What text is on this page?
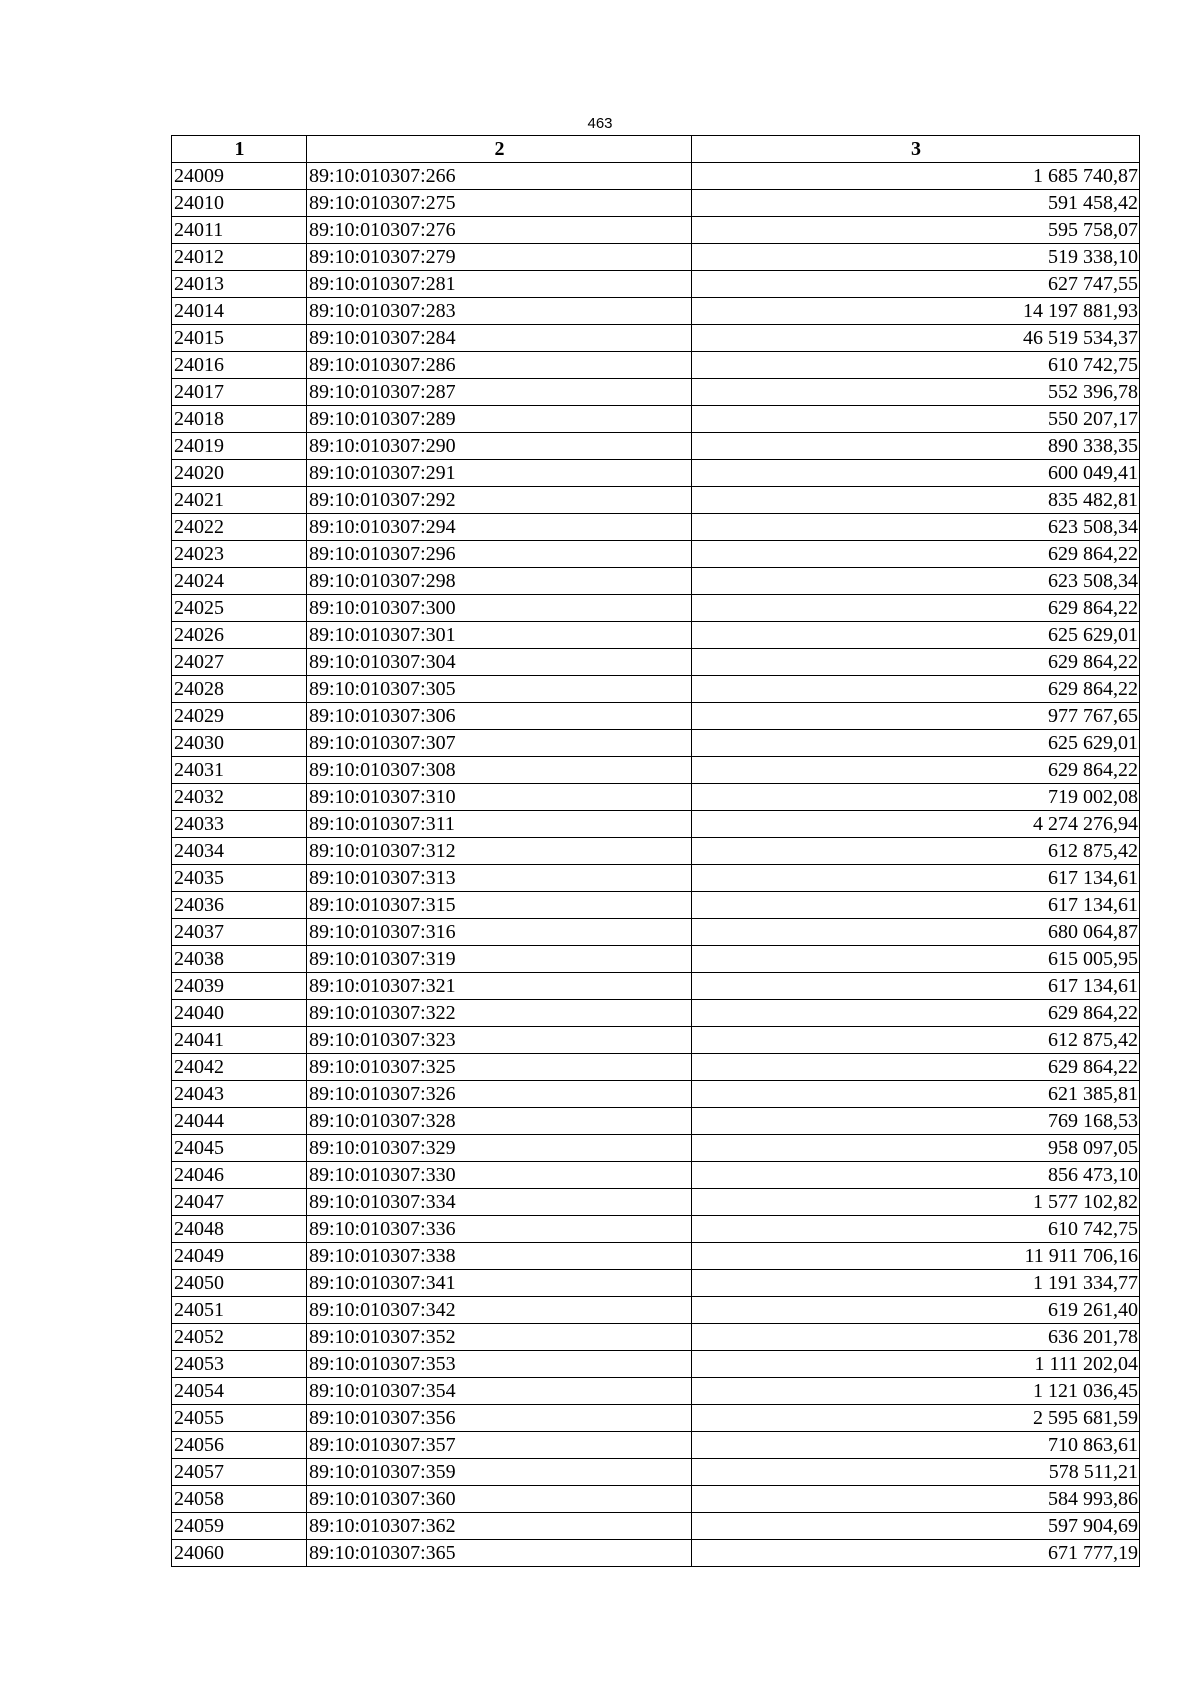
463
1	2	3
24009	89:10:010307:266	1 685 740,87
24010	89:10:010307:275	591 458,42
24011	89:10:010307:276	595 758,07
24012	89:10:010307:279	519 338,10
24013	89:10:010307:281	627 747,55
24014	89:10:010307:283	14 197 881,93
24015	89:10:010307:284	46 519 534,37
24016	89:10:010307:286	610 742,75
24017	89:10:010307:287	552 396,78
24018	89:10:010307:289	550 207,17
24019	89:10:010307:290	890 338,35
24020	89:10:010307:291	600 049,41
24021	89:10:010307:292	835 482,81
24022	89:10:010307:294	623 508,34
24023	89:10:010307:296	629 864,22
24024	89:10:010307:298	623 508,34
24025	89:10:010307:300	629 864,22
24026	89:10:010307:301	625 629,01
24027	89:10:010307:304	629 864,22
24028	89:10:010307:305	629 864,22
24029	89:10:010307:306	977 767,65
24030	89:10:010307:307	625 629,01
24031	89:10:010307:308	629 864,22
24032	89:10:010307:310	719 002,08
24033	89:10:010307:311	4 274 276,94
24034	89:10:010307:312	612 875,42
24035	89:10:010307:313	617 134,61
24036	89:10:010307:315	617 134,61
24037	89:10:010307:316	680 064,87
24038	89:10:010307:319	615 005,95
24039	89:10:010307:321	617 134,61
24040	89:10:010307:322	629 864,22
24041	89:10:010307:323	612 875,42
24042	89:10:010307:325	629 864,22
24043	89:10:010307:326	621 385,81
24044	89:10:010307:328	769 168,53
24045	89:10:010307:329	958 097,05
24046	89:10:010307:330	856 473,10
24047	89:10:010307:334	1 577 102,82
24048	89:10:010307:336	610 742,75
24049	89:10:010307:338	11 911 706,16
24050	89:10:010307:341	1 191 334,77
24051	89:10:010307:342	619 261,40
24052	89:10:010307:352	636 201,78
24053	89:10:010307:353	1 111 202,04
24054	89:10:010307:354	1 121 036,45
24055	89:10:010307:356	2 595 681,59
24056	89:10:010307:357	710 863,61
24057	89:10:010307:359	578 511,21
24058	89:10:010307:360	584 993,86
24059	89:10:010307:362	597 904,69
24060	89:10:010307:365	671 777,19
